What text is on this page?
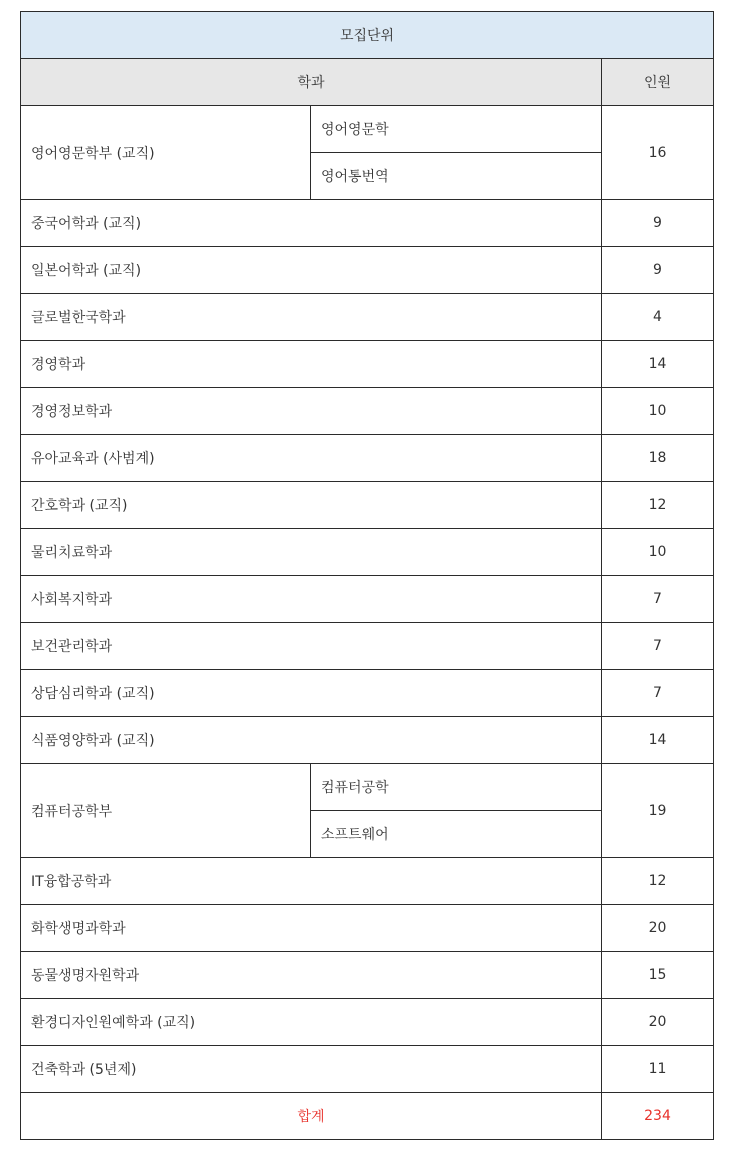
모집단위		
학과		인원
영어영문학부 (교직)	영어영문학	16
	영어통번역	
중국어학과 (교직)		9
일본어학과 (교직)		9
글로벌한국학과		4
경영학과		14
경영정보학과		10
유아교육과 (사범계)		18
간호학과 (교직)		12
물리치료학과		10
사회복지학과		7
보건관리학과		7
상담심리학과 (교직)		7
식품영양학과 (교직)		14
컴퓨터공학부	컴퓨터공학	19
	소프트웨어	
IT융합공학과		12
화학생명과학과		20
동물생명자원학과		15
환경디자인원예학과 (교직)		20
건축학과 (5년제)		11
합계		234
